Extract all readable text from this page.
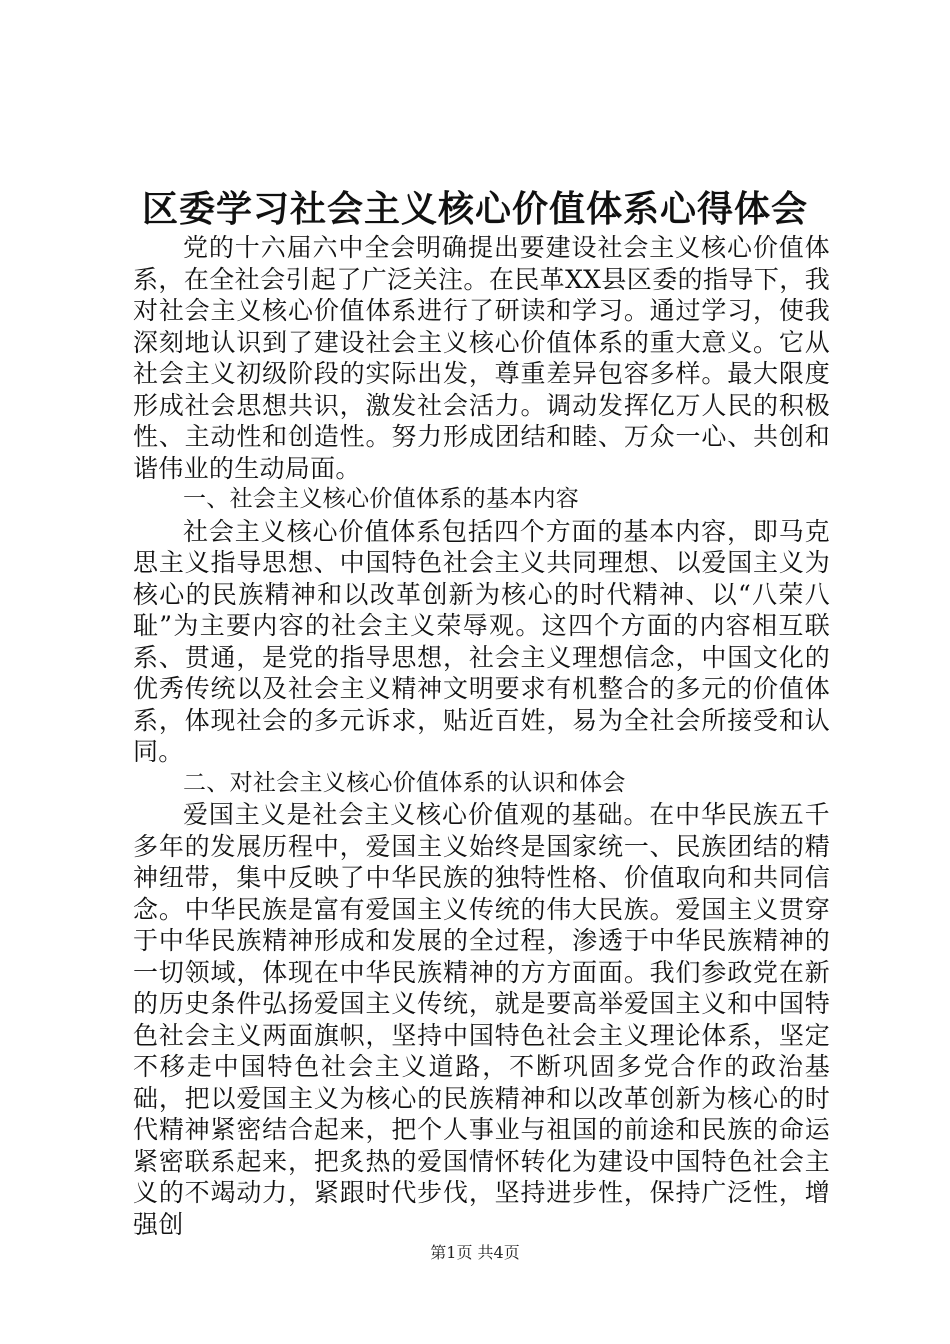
区委学习社会主义核心价值体系心得体会

党的十六届六中全会明确提出要建设社会主义核心价值体系，在全社会引起了广泛关注。在民革XX县区委的指导下，我对社会主义核心价值体系进行了研读和学习。通过学习，使我深刻地认识到了建设社会主义核心价值体系的重大意义。它从社会主义初级阶段的实际出发，尊重差异包容多样。最大限度形成社会思想共识，激发社会活力。调动发挥亿万人民的积极性、主动性和创造性。努力形成团结和睦、万众一心、共创和谐伟业的生动局面。

一、社会主义核心价值体系的基本内容

社会主义核心价值体系包括四个方面的基本内容，即马克思主义指导思想、中国特色社会主义共同理想、以爱国主义为核心的民族精神和以改革创新为核心的时代精神、以“八荣八耻”为主要内容的社会主义荣辱观。这四个方面的内容相互联系、贯通，是党的指导思想，社会主义理想信念，中国文化的优秀传统以及社会主义精神文明要求有机整合的多元的价值体系，体现社会的多元诉求，贴近百姓，易为全社会所接受和认同。

二、对社会主义核心价值体系的认识和体会

爱国主义是社会主义核心价值观的基础。在中华民族五千多年的发展历程中，爱国主义始终是国家统一、民族团结的精神纽带，集中反映了中华民族的独特性格、价值取向和共同信念。中华民族是富有爱国主义传统的伟大民族。爱国主义贯穿于中华民族精神形成和发展的全过程，渗透于中华民族精神的一切领域，体现在中华民族精神的方方面面。我们参政党在新的历史条件弘扬爱国主义传统，就是要高举爱国主义和中国特色社会主义两面旗帜，坚持中国特色社会主义理论体系，坚定不移走中国特色社会主义道路，不断巩固多党合作的政治基础，把以爱国主义为核心的民族精神和以改革创新为核心的时代精神紧密结合起来，把个人事业与祖国的前途和民族的命运紧密联系起来，把炙热的爱国情怀转化为建设中国特色社会主义的不竭动力，紧跟时代步伐，坚持进步性，保持广泛性，增强创

第1页 共4页
